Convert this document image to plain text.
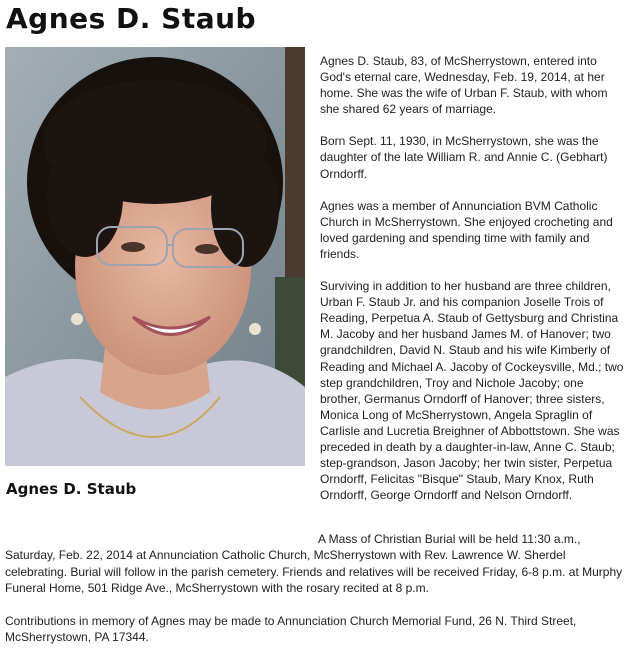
Agnes D. Staub

Agnes D. Staub

Agnes D. Staub, 83, of McSherrystown, entered into God's eternal care, Wednesday, Feb. 19, 2014, at her home. She was the wife of Urban F. Staub, with whom she shared 62 years of marriage.

Born Sept. 11, 1930, in McSherrystown, she was the daughter of the late William R. and Annie C. (Gebhart) Orndorff.

Agnes was a member of Annunciation BVM Catholic Church in McSherrystown. She enjoyed crocheting and loved gardening and spending time with family and friends.

Surviving in addition to her husband are three children, Urban F. Staub Jr. and his companion Joselle Trois of Reading, Perpetua A. Staub of Gettysburg and Christina M. Jacoby and her husband James M. of Hanover; two grandchildren, David N. Staub and his wife Kimberly of Reading and Michael A. Jacoby of Cockeysville, Md.; two step grandchildren, Troy and Nichole Jacoby; one brother, Germanus Orndorff of Hanover; three sisters, Monica Long of McSherrystown, Angela Spraglin of Carlisle and Lucretia Breighner of Abbottstown. She was preceded in death by a daughter-in-law, Anne C. Staub; step-grandson, Jason Jacoby; her twin sister, Perpetua Orndorff, Felicitas "Bisque" Staub, Mary Knox, Ruth Orndorff, George Orndorff and Nelson Orndorff.

A Mass of Christian Burial will be held 11:30 a.m., Saturday, Feb. 22, 2014 at Annunciation Catholic Church, McSherrystown with Rev. Lawrence W. Sherdel celebrating. Burial will follow in the parish cemetery. Friends and relatives will be received Friday, 6-8 p.m. at Murphy Funeral Home, 501 Ridge Ave., McSherrystown with the rosary recited at 8 p.m.

Contributions in memory of Agnes may be made to Annunciation Church Memorial Fund, 26 N. Third Street, McSherrystown, PA 17344.
